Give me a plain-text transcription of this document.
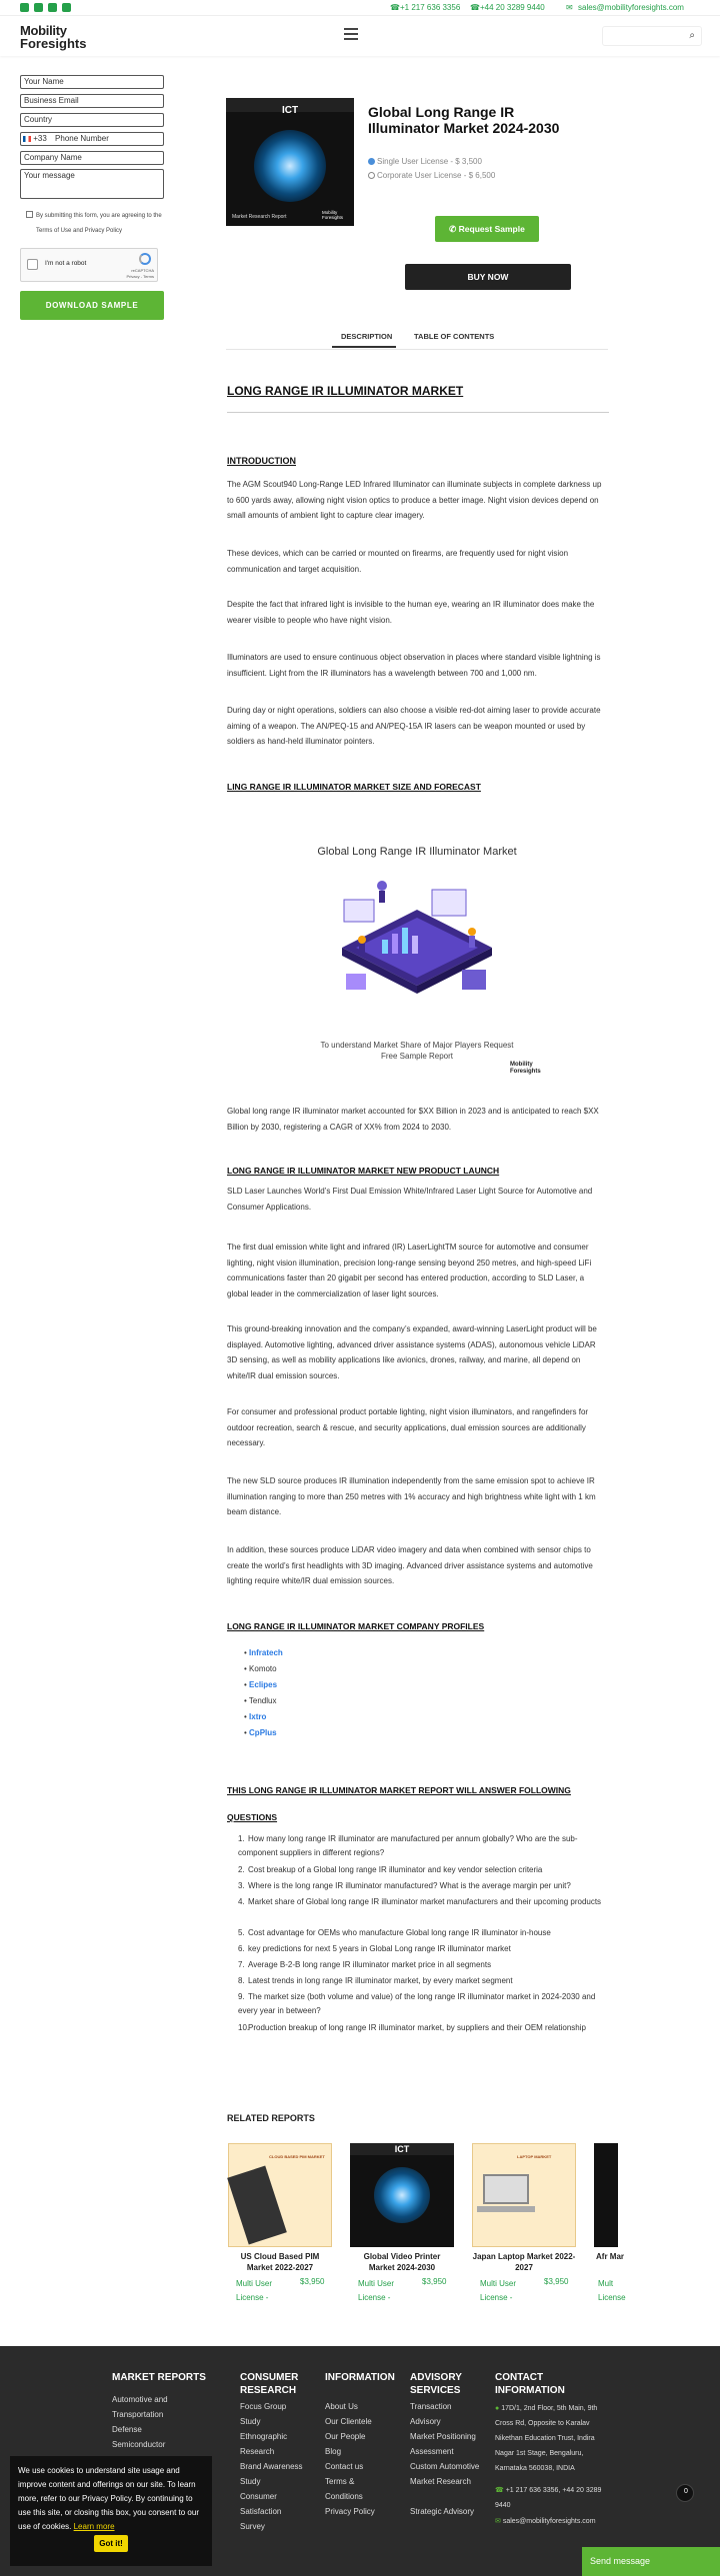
☎ +1 217 636 3356 ☎ +44 20 3289 9440	✉ sales@mobilityforesights.com
Mobility
Foresights
⌕
Your Name
Business Email
Country
+33 Phone Number
Company Name
Your message
By submitting this form, you are agreeing to the Terms of Use and Privacy Policy
I'm not a robot
reCAPTCHA
Privacy - Terms
DOWNLOAD SAMPLE
ICT
Market Research Report
Mobility Foresights
Global Long Range IR Illuminator Market 2024-2030
Single User License - $ 3,500
Corporate User License - $ 6,500
✆ Request Sample
BUY NOW
DESCRIPTION	TABLE OF CONTENTS
LONG RANGE IR ILLUMINATOR MARKET
INTRODUCTION
The AGM Scout940 Long-Range LED Infrared Illuminator can illuminate subjects in complete darkness up to 600 yards away, allowing night vision optics to produce a better image. Night vision devices depend on small amounts of ambient light to capture clear imagery.
These devices, which can be carried or mounted on firearms, are frequently used for night vision communication and target acquisition.
Despite the fact that infrared light is invisible to the human eye, wearing an IR illuminator does make the wearer visible to people who have night vision.
Illuminators are used to ensure continuous object observation in places where standard visible lightning is insufficient. Light from the IR illuminators has a wavelength between 700 and 1,000 nm.
During day or night operations, soldiers can also choose a visible red-dot aiming laser to provide accurate aiming of a weapon. The AN/PEQ-15 and AN/PEQ-15A IR lasers can be weapon mounted or used by soldiers as hand-held illuminator pointers.
LING RANGE IR ILLUMINATOR MARKET SIZE AND FORECAST
Global Long Range IR Illuminator Market
To understand Market Share of Major Players Request Free Sample Report
Mobility
Foresights
Global long range IR illuminator market accounted for $XX Billion in 2023 and is anticipated to reach $XX Billion by 2030, registering a CAGR of XX% from 2024 to 2030.
LONG RANGE IR ILLUMINATOR MARKET NEW PRODUCT LAUNCH
SLD Laser Launches World’s First Dual Emission White/Infrared Laser Light Source for Automotive and Consumer Applications.
The first dual emission white light and infrared (IR) LaserLightTM source for automotive and consumer lighting, night vision illumination, precision long-range sensing beyond 250 metres, and high-speed LiFi communications faster than 20 gigabit per second has entered production, according to SLD Laser, a global leader in the commercialization of laser light sources.
This ground-breaking innovation and the company’s expanded, award-winning LaserLight product will be displayed. Automotive lighting, advanced driver assistance systems (ADAS), autonomous vehicle LiDAR 3D sensing, as well as mobility applications like avionics, drones, railway, and marine, all depend on white/IR dual emission sources.
For consumer and professional product portable lighting, night vision illuminators, and rangefinders for outdoor recreation, search & rescue, and security applications, dual emission sources are additionally necessary.
The new SLD source produces IR illumination independently from the same emission spot to achieve IR illumination ranging to more than 250 metres with 1% accuracy and high brightness white light with 1 km beam distance.
In addition, these sources produce LiDAR video imagery and data when combined with sensor chips to create the world’s first headlights with 3D imaging. Advanced driver assistance systems and automotive lighting require white/IR dual emission sources.
LONG RANGE IR ILLUMINATOR MARKET COMPANY PROFILES
• Infratech
• Komoto
• Eclipes
• Tendlux
• Ixtro
• CpPlus
THIS LONG RANGE IR ILLUMINATOR MARKET REPORT WILL ANSWER FOLLOWING QUESTIONS
1. How many long range IR illuminator are manufactured per annum globally? Who are the sub-component suppliers in different regions?
2. Cost breakup of a Global long range IR illuminator and key vendor selection criteria
3. Where is the long range IR illuminator manufactured? What is the average margin per unit?
4. Market share of Global long range IR illuminator market manufacturers and their upcoming products
5. Cost advantage for OEMs who manufacture Global long range IR illuminator in-house
6. key predictions for next 5 years in Global Long range IR illuminator market
7. Average B-2-B long range IR illuminator market price in all segments
8. Latest trends in long range IR illuminator market, by every market segment
9. The market size (both volume and value) of the long range IR illuminator market in 2024-2030 and every year in between?
10.Production breakup of long range IR illuminator market, by suppliers and their OEM relationship
RELATED REPORTS
CLOUD BASED PIM MARKET
US Cloud Based PIM Market 2022-2027
Multi User License -
$3,950
ICT
Global Video Printer Market 2024-2030
Multi User License -
$3,950
LAPTOP MARKET
Japan Laptop Market 2022-2027
Multi User License -
$3,950
Afr Mar
Mult License
MARKET REPORTS
Automotive and Transportation
Defense
Semiconductor
CONSUMER RESEARCH
Focus Group Study
Ethnographic Research
Brand Awareness Study
Consumer Satisfaction Survey
INFORMATION
About Us
Our Clientele
Our People
Blog
Contact us
Terms & Conditions
Privacy Policy
ADVISORY SERVICES
Transaction Advisory
Market Positioning Assessment
Custom Automotive Market Research
Strategic Advisory
CONTACT INFORMATION
● 17D/1, 2nd Floor, 5th Main, 9th Cross Rd, Opposite to Karalav Nikethan Education Trust, Indira Nagar 1st Stage, Bengaluru, Karnataka 560038, INDIA
☎ +1 217 636 3356, +44 20 3289 9440
✉ sales@mobilityforesights.com
We use cookies to understand site usage and improve content and offerings on our site. To learn more, refer to our Privacy Policy. By continuing to use this site, or closing this box, you consent to our use of cookies. Learn more
Got it!
0
Send message
